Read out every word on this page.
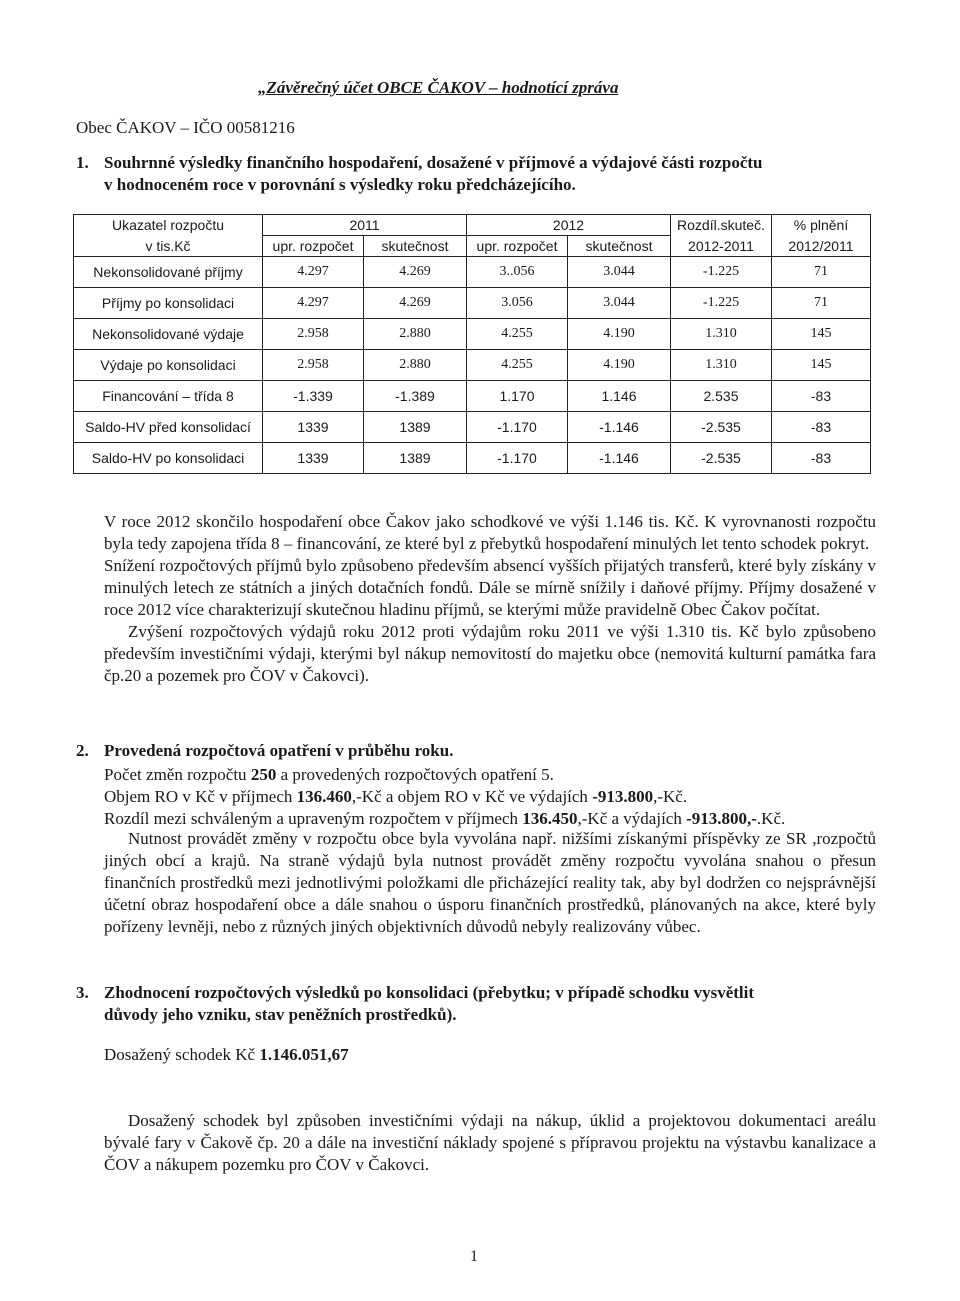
„Závěrečný účet OBCE ČAKOV – hodnotící zpráva
Obec ČAKOV – IČO 00581216
1. Souhrnné výsledky finančního hospodaření, dosažené v příjmové a výdajové části rozpočtu
v hodnoceném roce v porovnání s výsledky roku předcházejícího.
Ukazatel rozpočtu	2011		2012		Rozdíl.skuteč.	% plnění
v tis.Kč	upr. rozpočet	skutečnost	upr. rozpočet	skutečnost	2012-2011	2012/2011
Nekonsolidované příjmy	4.297	4.269	3..056	3.044	-1.225	71
Příjmy po konsolidaci	4.297	4.269	3.056	3.044	-1.225	71
Nekonsolidované výdaje	2.958	2.880	4.255	4.190	1.310	145
Výdaje po konsolidaci	2.958	2.880	4.255	4.190	1.310	145
Financování – třída 8	-1.339	-1.389	1.170	1.146	2.535	-83
Saldo-HV před konsolidací	1339	1389	-1.170	-1.146	-2.535	-83
Saldo-HV po konsolidaci	1339	1389	-1.170	-1.146	-2.535	-83

V roce 2012 skončilo hospodaření obce Čakov jako schodkové ve výši 1.146 tis. Kč. K vyrovnanosti rozpočtu byla tedy zapojena třída 8 – financování, ze které byl z přebytků hospodaření minulých let tento schodek pokryt.

Snížení rozpočtových příjmů bylo způsobeno především absencí vyšších přijatých transferů, které byly získány v minulých letech ze státních a jiných dotačních fondů. Dále se mírně snížily i daňové příjmy. Příjmy dosažené v roce 2012 více charakterizují skutečnou hladinu příjmů, se kterými může pravidelně Obec Čakov počítat.

Zvýšení rozpočtových výdajů roku 2012 proti výdajům roku 2011 ve výši 1.310 tis. Kč bylo způsobeno především investičními výdaji, kterými byl nákup nemovitostí do majetku obce (nemovitá kulturní památka fara čp.20 a pozemek pro ČOV v Čakovci).

2. Provedená rozpočtová opatření v průběhu roku.
Počet změn rozpočtu 250 a provedených rozpočtových opatření 5.
Objem RO v Kč v příjmech 136.460,-Kč a objem RO v Kč ve výdajích -913.800,-Kč.
Rozdíl mezi schváleným a upraveným rozpočtem v příjmech 136.450,-Kč a výdajích -913.800,-.Kč.

Nutnost provádět změny v rozpočtu obce byla vyvolána např. nižšími získanými příspěvky ze SR ,rozpočtů jiných obcí a krajů. Na straně výdajů byla nutnost provádět změny rozpočtu vyvolána snahou o přesun finančních prostředků mezi jednotlivými položkami dle přicházející reality tak, aby byl dodržen co nejsprávnější účetní obraz hospodaření obce a dále snahou o úsporu finančních prostředků, plánovaných na akce, které byly pořízeny levněji, nebo z různých jiných objektivních důvodů nebyly realizovány vůbec.

3. Zhodnocení rozpočtových výsledků po konsolidaci (přebytku; v případě schodku vysvětlit
důvody jeho vzniku, stav peněžních prostředků).
Dosažený schodek Kč 1.146.051,67

Dosažený schodek byl způsoben investičními výdaji na nákup, úklid a projektovou dokumentaci areálu bývalé fary v Čakově čp. 20 a dále na investiční náklady spojené s přípravou projektu na výstavbu kanalizace a ČOV a nákupem pozemku pro ČOV v Čakovci.

1
